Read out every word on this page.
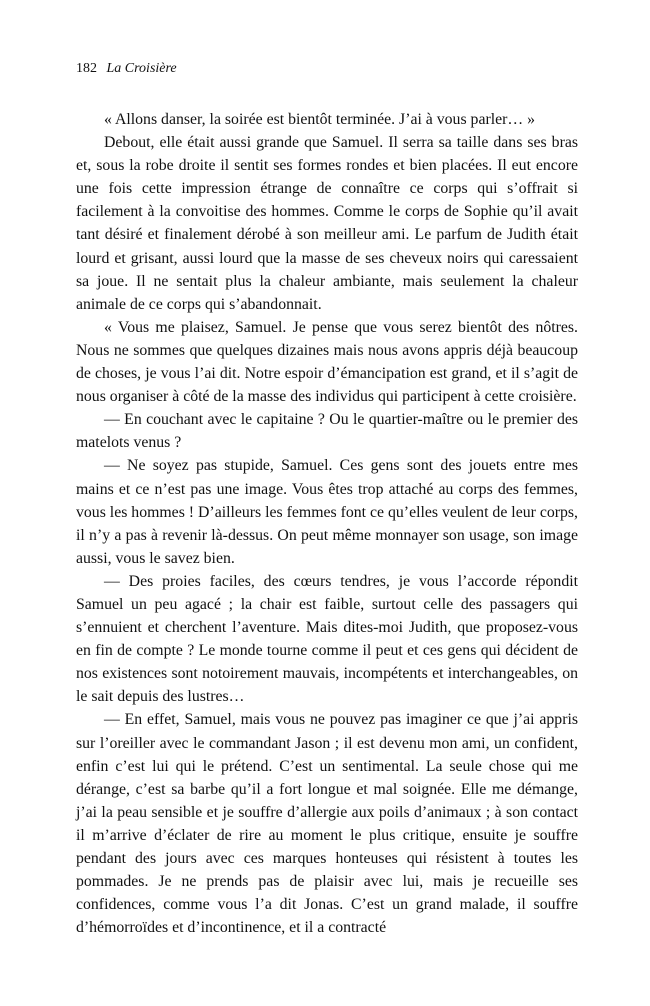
182 La Croisière

« Allons danser, la soirée est bientôt terminée. J’ai à vous parler… »

Debout, elle était aussi grande que Samuel. Il serra sa taille dans ses bras et, sous la robe droite il sentit ses formes rondes et bien placées. Il eut encore une fois cette impression étrange de connaître ce corps qui s’offrait si facilement à la convoitise des hommes. Comme le corps de Sophie qu’il avait tant désiré et finalement dérobé à son meilleur ami. Le parfum de Judith était lourd et grisant, aussi lourd que la masse de ses cheveux noirs qui caressaient sa joue. Il ne sentait plus la chaleur ambiante, mais seulement la chaleur animale de ce corps qui s’abandonnait.

« Vous me plaisez, Samuel. Je pense que vous serez bientôt des nôtres. Nous ne sommes que quelques dizaines mais nous avons appris déjà beaucoup de choses, je vous l’ai dit. Notre espoir d’émancipation est grand, et il s’agit de nous organiser à côté de la masse des individus qui participent à cette croisière.

— En couchant avec le capitaine ? Ou le quartier-maître ou le premier des matelots venus ?

— Ne soyez pas stupide, Samuel. Ces gens sont des jouets entre mes mains et ce n’est pas une image. Vous êtes trop attaché au corps des femmes, vous les hommes ! D’ailleurs les femmes font ce qu’elles veulent de leur corps, il n’y a pas à revenir là-dessus. On peut même monnayer son usage, son image aussi, vous le savez bien.

— Des proies faciles, des cœurs tendres, je vous l’accorde répondit Samuel un peu agacé ; la chair est faible, surtout celle des passagers qui s’ennuient et cherchent l’aventure. Mais dites-moi Judith, que proposez-vous en fin de compte ? Le monde tourne comme il peut et ces gens qui décident de nos existences sont notoirement mauvais, incompétents et interchangeables, on le sait depuis des lustres…

— En effet, Samuel, mais vous ne pouvez pas imaginer ce que j’ai appris sur l’oreiller avec le commandant Jason ; il est devenu mon ami, un confident, enfin c’est lui qui le prétend. C’est un sentimental. La seule chose qui me dérange, c’est sa barbe qu’il a fort longue et mal soignée. Elle me démange, j’ai la peau sensible et je souffre d’allergie aux poils d’animaux ; à son contact il m’arrive d’éclater de rire au moment le plus critique, ensuite je souffre pendant des jours avec ces marques honteuses qui résistent à toutes les pommades. Je ne prends pas de plaisir avec lui, mais je recueille ses confidences, comme vous l’a dit Jonas. C’est un grand malade, il souffre d’hémorroïdes et d’incontinence, et il a contracté
